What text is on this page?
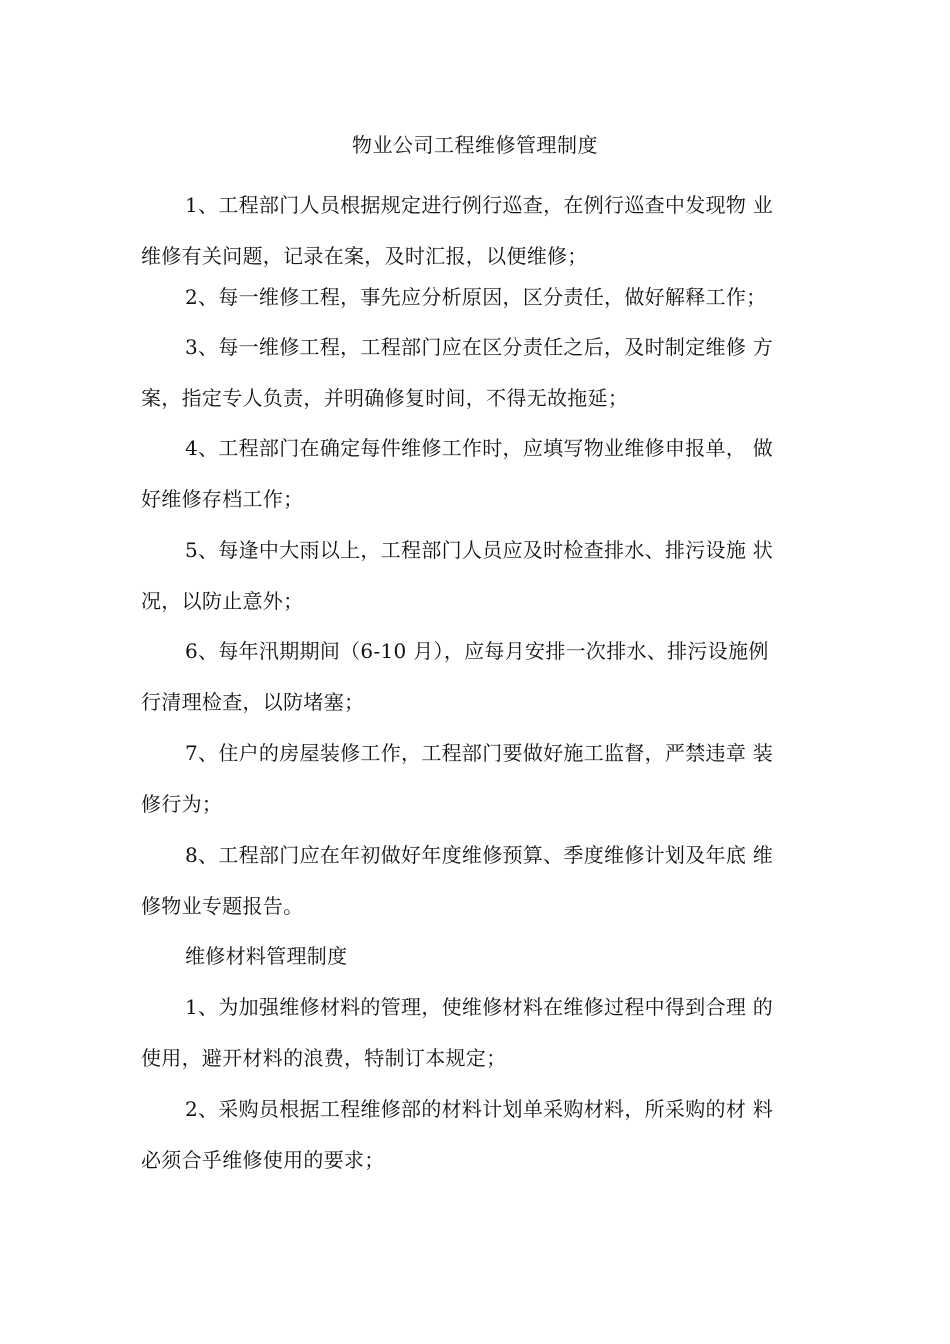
物业公司工程维修管理制度
1、工程部门人员根据规定进行例行巡查，在例行巡查中发现物 业
维修有关问题，记录在案，及时汇报，以便维修；
2、每一维修工程，事先应分析原因，区分责任，做好解释工作；
3、每一维修工程，工程部门应在区分责任之后，及时制定维修 方
案，指定专人负责，并明确修复时间，不得无故拖延；
4、工程部门在确定每件维修工作时，应填写物业维修申报单， 做
好维修存档工作；
5、每逢中大雨以上，工程部门人员应及时检查排水、排污设施 状
况，以防止意外；
6、每年汛期期间（6-10 月），应每月安排一次排水、排污设施例
行清理检查，以防堵塞；
7、住户的房屋装修工作，工程部门要做好施工监督，严禁违章 装
修行为；
8、工程部门应在年初做好年度维修预算、季度维修计划及年底 维
修物业专题报告。
维修材料管理制度
1、为加强维修材料的管理，使维修材料在维修过程中得到合理 的
使用，避开材料的浪费，特制订本规定；
2、采购员根据工程维修部的材料计划单采购材料，所采购的材 料
必须合乎维修使用的要求；
